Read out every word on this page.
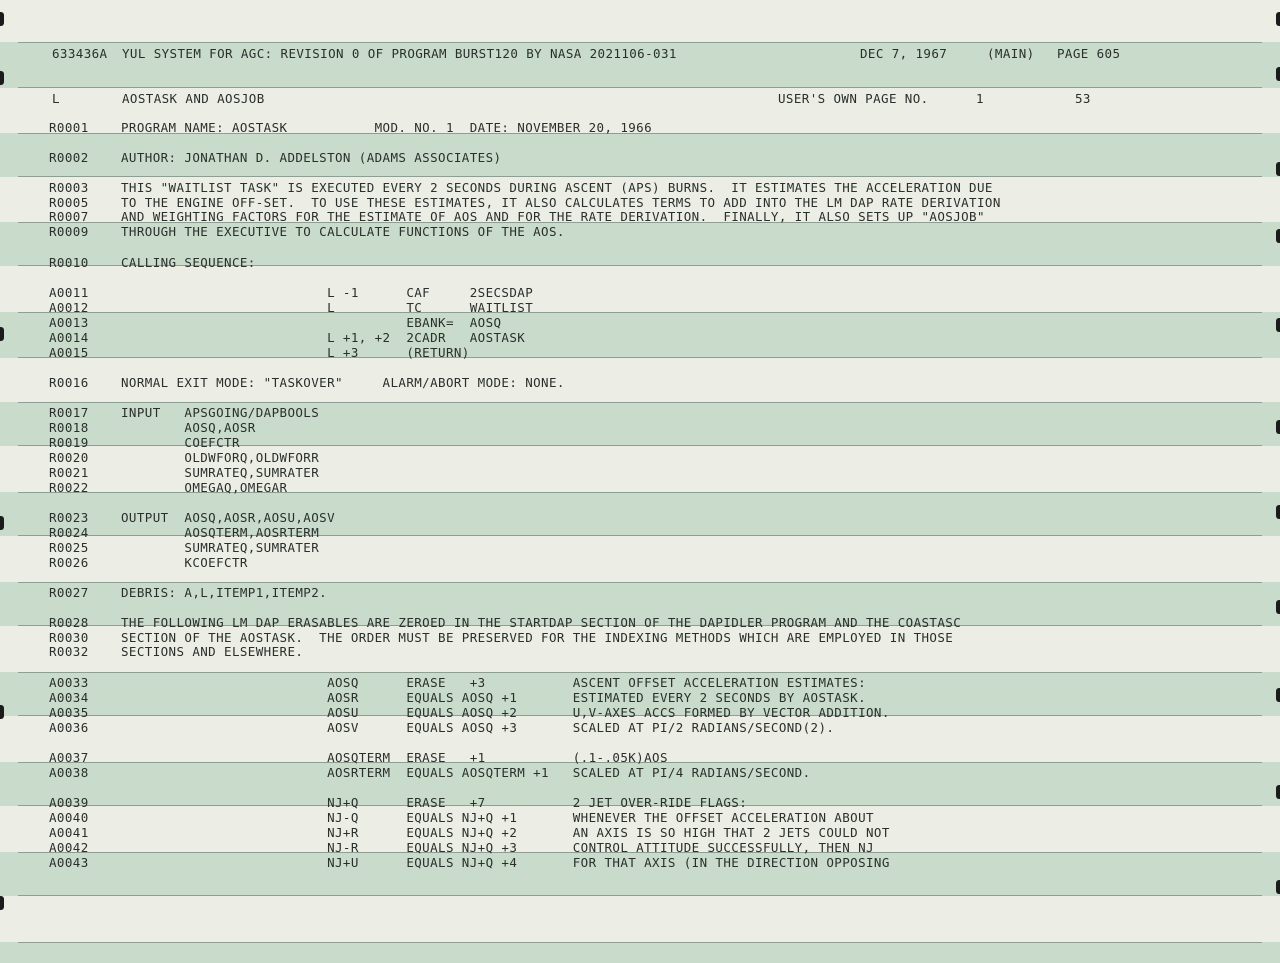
633436A YUL SYSTEM FOR AGC: REVISION 0 OF PROGRAM BURST120 BY NASA 2021106-031	DEC 7, 1967	(MAIN) PAGE 605
L	AOSTASK AND AOSJOB	USER'S OWN PAGE NO.	1	53
R0001	PROGRAM NAME: AOSTASK           MOD. NO. 1  DATE: NOVEMBER 20, 1966
R0002	AUTHOR: JONATHAN D. ADDELSTON (ADAMS ASSOCIATES)
R0003	THIS "WAITLIST TASK" IS EXECUTED EVERY 2 SECONDS DURING ASCENT (APS) BURNS.  IT ESTIMATES THE ACCELERATION DUE
R0005	TO THE ENGINE OFF-SET.  TO USE THESE ESTIMATES, IT ALSO CALCULATES TERMS TO ADD INTO THE LM DAP RATE DERIVATION
R0007	AND WEIGHTING FACTORS FOR THE ESTIMATE OF AOS AND FOR THE RATE DERIVATION.  FINALLY, IT ALSO SETS UP "AOSJOB"
R0009	THROUGH THE EXECUTIVE TO CALCULATE FUNCTIONS OF THE AOS.
R0010	CALLING SEQUENCE:
A0011	L -1      CAF     2SECSDAP
A0012	L         TC      WAITLIST
A0013	EBANK=  AOSQ
A0014	L +1, +2  2CADR   AOSTASK
A0015	L +3      (RETURN)
R0016	NORMAL EXIT MODE: "TASKOVER"     ALARM/ABORT MODE: NONE.
R0017	INPUT   APSGOING/DAPBOOLS
R0018	AOSQ,AOSR
R0019	COEFCTR
R0020	OLDWFORQ,OLDWFORR
R0021	SUMRATEQ,SUMRATER
R0022	OMEGAQ,OMEGAR
R0023	OUTPUT  AOSQ,AOSR,AOSU,AOSV
R0024	AOSQTERM,AOSRTERM
R0025	SUMRATEQ,SUMRATER
R0026	KCOEFCTR
R0027	DEBRIS: A,L,ITEMP1,ITEMP2.
R0028	THE FOLLOWING LM DAP ERASABLES ARE ZEROED IN THE STARTDAP SECTION OF THE DAPIDLER PROGRAM AND THE COASTASC
R0030	SECTION OF THE AOSTASK.  THE ORDER MUST BE PRESERVED FOR THE INDEXING METHODS WHICH ARE EMPLOYED IN THOSE
R0032	SECTIONS AND ELSEWHERE.
A0033	AOSQ      ERASE   +3           ASCENT OFFSET ACCELERATION ESTIMATES:
A0034	AOSR      EQUALS AOSQ +1       ESTIMATED EVERY 2 SECONDS BY AOSTASK.
A0035	AOSU      EQUALS AOSQ +2       U,V-AXES ACCS FORMED BY VECTOR ADDITION.
A0036	AOSV      EQUALS AOSQ +3       SCALED AT PI/2 RADIANS/SECOND(2).
A0037	AOSQTERM  ERASE   +1           (.1-.05K)AOS
A0038	AOSRTERM  EQUALS AOSQTERM +1   SCALED AT PI/4 RADIANS/SECOND.
A0039	NJ+Q      ERASE   +7           2 JET OVER-RIDE FLAGS:
A0040	NJ-Q      EQUALS NJ+Q +1       WHENEVER THE OFFSET ACCELERATION ABOUT
A0041	NJ+R      EQUALS NJ+Q +2       AN AXIS IS SO HIGH THAT 2 JETS COULD NOT
A0042	NJ-R      EQUALS NJ+Q +3       CONTROL ATTITUDE SUCCESSFULLY, THEN NJ
A0043	NJ+U      EQUALS NJ+Q +4       FOR THAT AXIS (IN THE DIRECTION OPPOSING
